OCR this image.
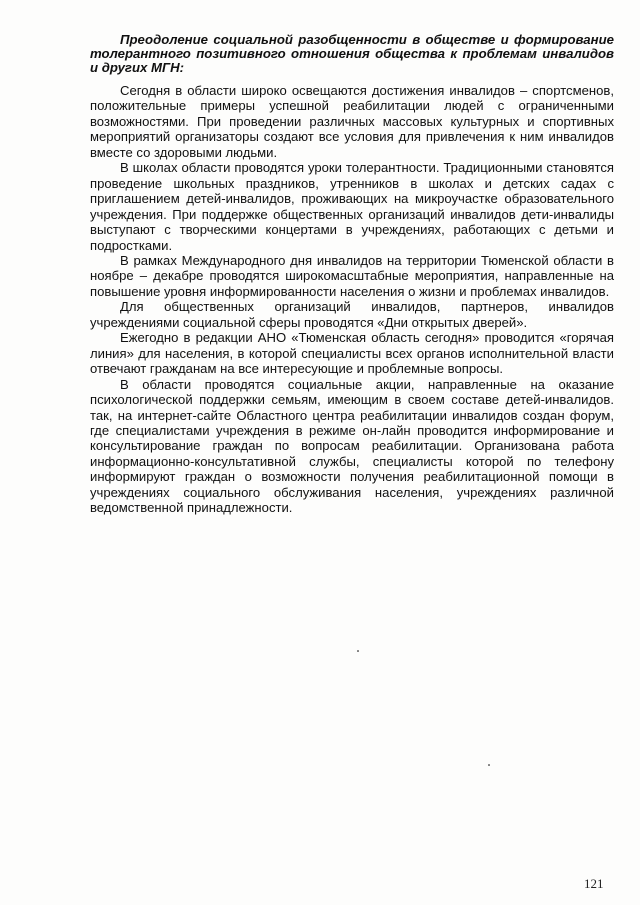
Преодоление социальной разобщенности в обществе и формирование толерантного позитивного отношения общества к проблемам инвалидов и других МГН:

Сегодня в области широко освещаются достижения инвалидов – спортсменов, положительные примеры успешной реабилитации людей с ограниченными возможностями. При проведении различных массовых культурных и спортивных мероприятий организаторы создают все условия для привлечения к ним инвалидов вместе со здоровыми людьми.

В школах области проводятся уроки толерантности. Традиционными становятся проведение школьных праздников, утренников в школах и детских садах с приглашением детей-инвалидов, проживающих на микроучастке образовательного учреждения. При поддержке общественных организаций инвалидов дети-инвалиды выступают с творческими концертами в учреждениях, работающих с детьми и подростками.

В рамках Международного дня инвалидов на территории Тюменской области в ноябре – декабре проводятся широкомасштабные мероприятия, направленные на повышение уровня информированности населения о жизни и проблемах инвалидов.

Для общественных организаций инвалидов, партнеров, инвалидов учреждениями социальной сферы проводятся «Дни открытых дверей».

Ежегодно в редакции АНО «Тюменская область сегодня» проводится «горячая линия» для населения, в которой специалисты всех органов исполнительной власти отвечают гражданам на все интересующие и проблемные вопросы.

В области проводятся социальные акции, направленные на оказание психологической поддержки семьям, имеющим в своем составе детей-инвалидов. так, на интернет-сайте Областного центра реабилитации инвалидов создан форум, где специалистами учреждения в режиме он-лайн проводится информирование и консультирование граждан по вопросам реабилитации. Организована работа информационно-консультативной службы, специалисты которой по телефону информируют граждан о возможности получения реабилитационной помощи в учреждениях социального обслуживания населения, учреждениях различной ведомственной принадлежности.

121
